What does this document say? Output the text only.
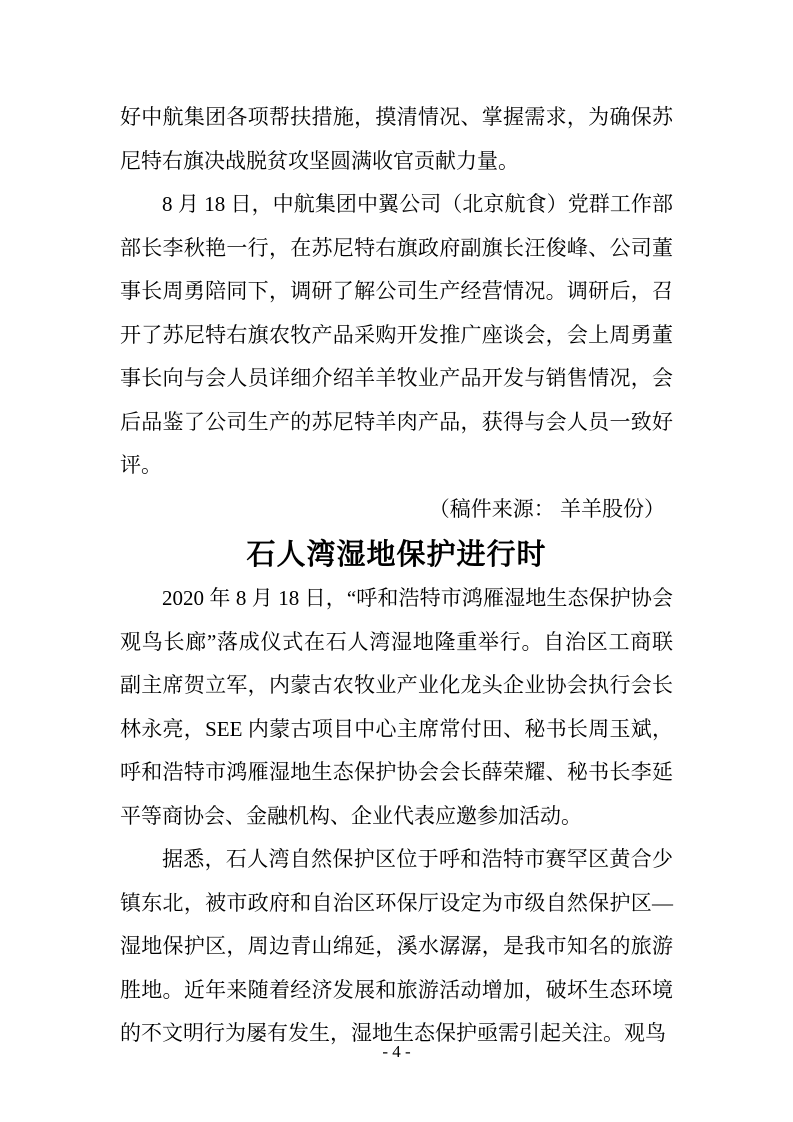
好中航集团各项帮扶措施，摸清情况、掌握需求，为确保苏尼特右旗决战脱贫攻坚圆满收官贡献力量。

8 月 18 日，中航集团中翼公司（北京航食）党群工作部部长李秋艳一行，在苏尼特右旗政府副旗长汪俊峰、公司董事长周勇陪同下，调研了解公司生产经营情况。调研后，召开了苏尼特右旗农牧产品采购开发推广座谈会，会上周勇董事长向与会人员详细介绍羊羊牧业产品开发与销售情况，会后品鉴了公司生产的苏尼特羊肉产品，获得与会人员一致好评。

（稿件来源： 羊羊股份）

石人湾湿地保护进行时

2020 年 8 月 18 日，“呼和浩特市鸿雁湿地生态保护协会观鸟长廊”落成仪式在石人湾湿地隆重举行。自治区工商联副主席贺立军，内蒙古农牧业产业化龙头企业协会执行会长林永亮，SEE 内蒙古项目中心主席常付田、秘书长周玉斌，呼和浩特市鸿雁湿地生态保护协会会长薛荣耀、秘书长李延平等商协会、金融机构、企业代表应邀参加活动。

据悉，石人湾自然保护区位于呼和浩特市赛罕区黄合少镇东北，被市政府和自治区环保厅设定为市级自然保护区—湿地保护区，周边青山绵延，溪水潺潺，是我市知名的旅游胜地。近年来随着经济发展和旅游活动增加，破坏生态环境的不文明行为屡有发生，湿地生态保护亟需引起关注。观鸟

- 4 -
